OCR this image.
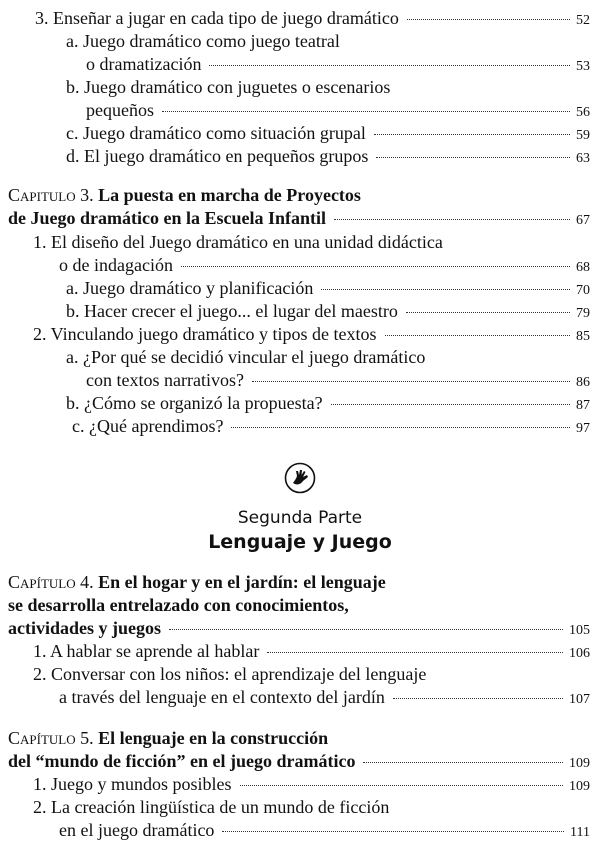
3. Enseñar a jugar en cada tipo de juego dramático	52
a. Juego dramático como juego teatral
o dramatización	53
b. Juego dramático con juguetes o escenarios
pequeños	56
c. Juego dramático como situación grupal	59
d. El juego dramático en pequeños grupos	63
Capitulo 3. La puesta en marcha de Proyectos
de Juego dramático en la Escuela Infantil	67
1. El diseño del Juego dramático en una unidad didáctica
o de indagación	68
a. Juego dramático y planificación	70
b. Hacer crecer el juego... el lugar del maestro	79
2. Vinculando juego dramático y tipos de textos	85
a. ¿Por qué se decidió vincular el juego dramático
con textos narrativos?	86
b. ¿Cómo se organizó la propuesta?	87
c. ¿Qué aprendimos?	97
Segunda Parte
Lenguaje y Juego
Capítulo 4. En el hogar y en el jardín: el lenguaje
se desarrolla entrelazado con conocimientos,
actividades y juegos	105
1. A hablar se aprende al hablar	106
2. Conversar con los niños: el aprendizaje del lenguaje
a través del lenguaje en el contexto del jardín	107
Capítulo 5. El lenguaje en la construcción
del “mundo de ficción” en el juego dramático	109
1. Juego y mundos posibles	109
2. La creación lingüística de un mundo de ficción
en el juego dramático	111
